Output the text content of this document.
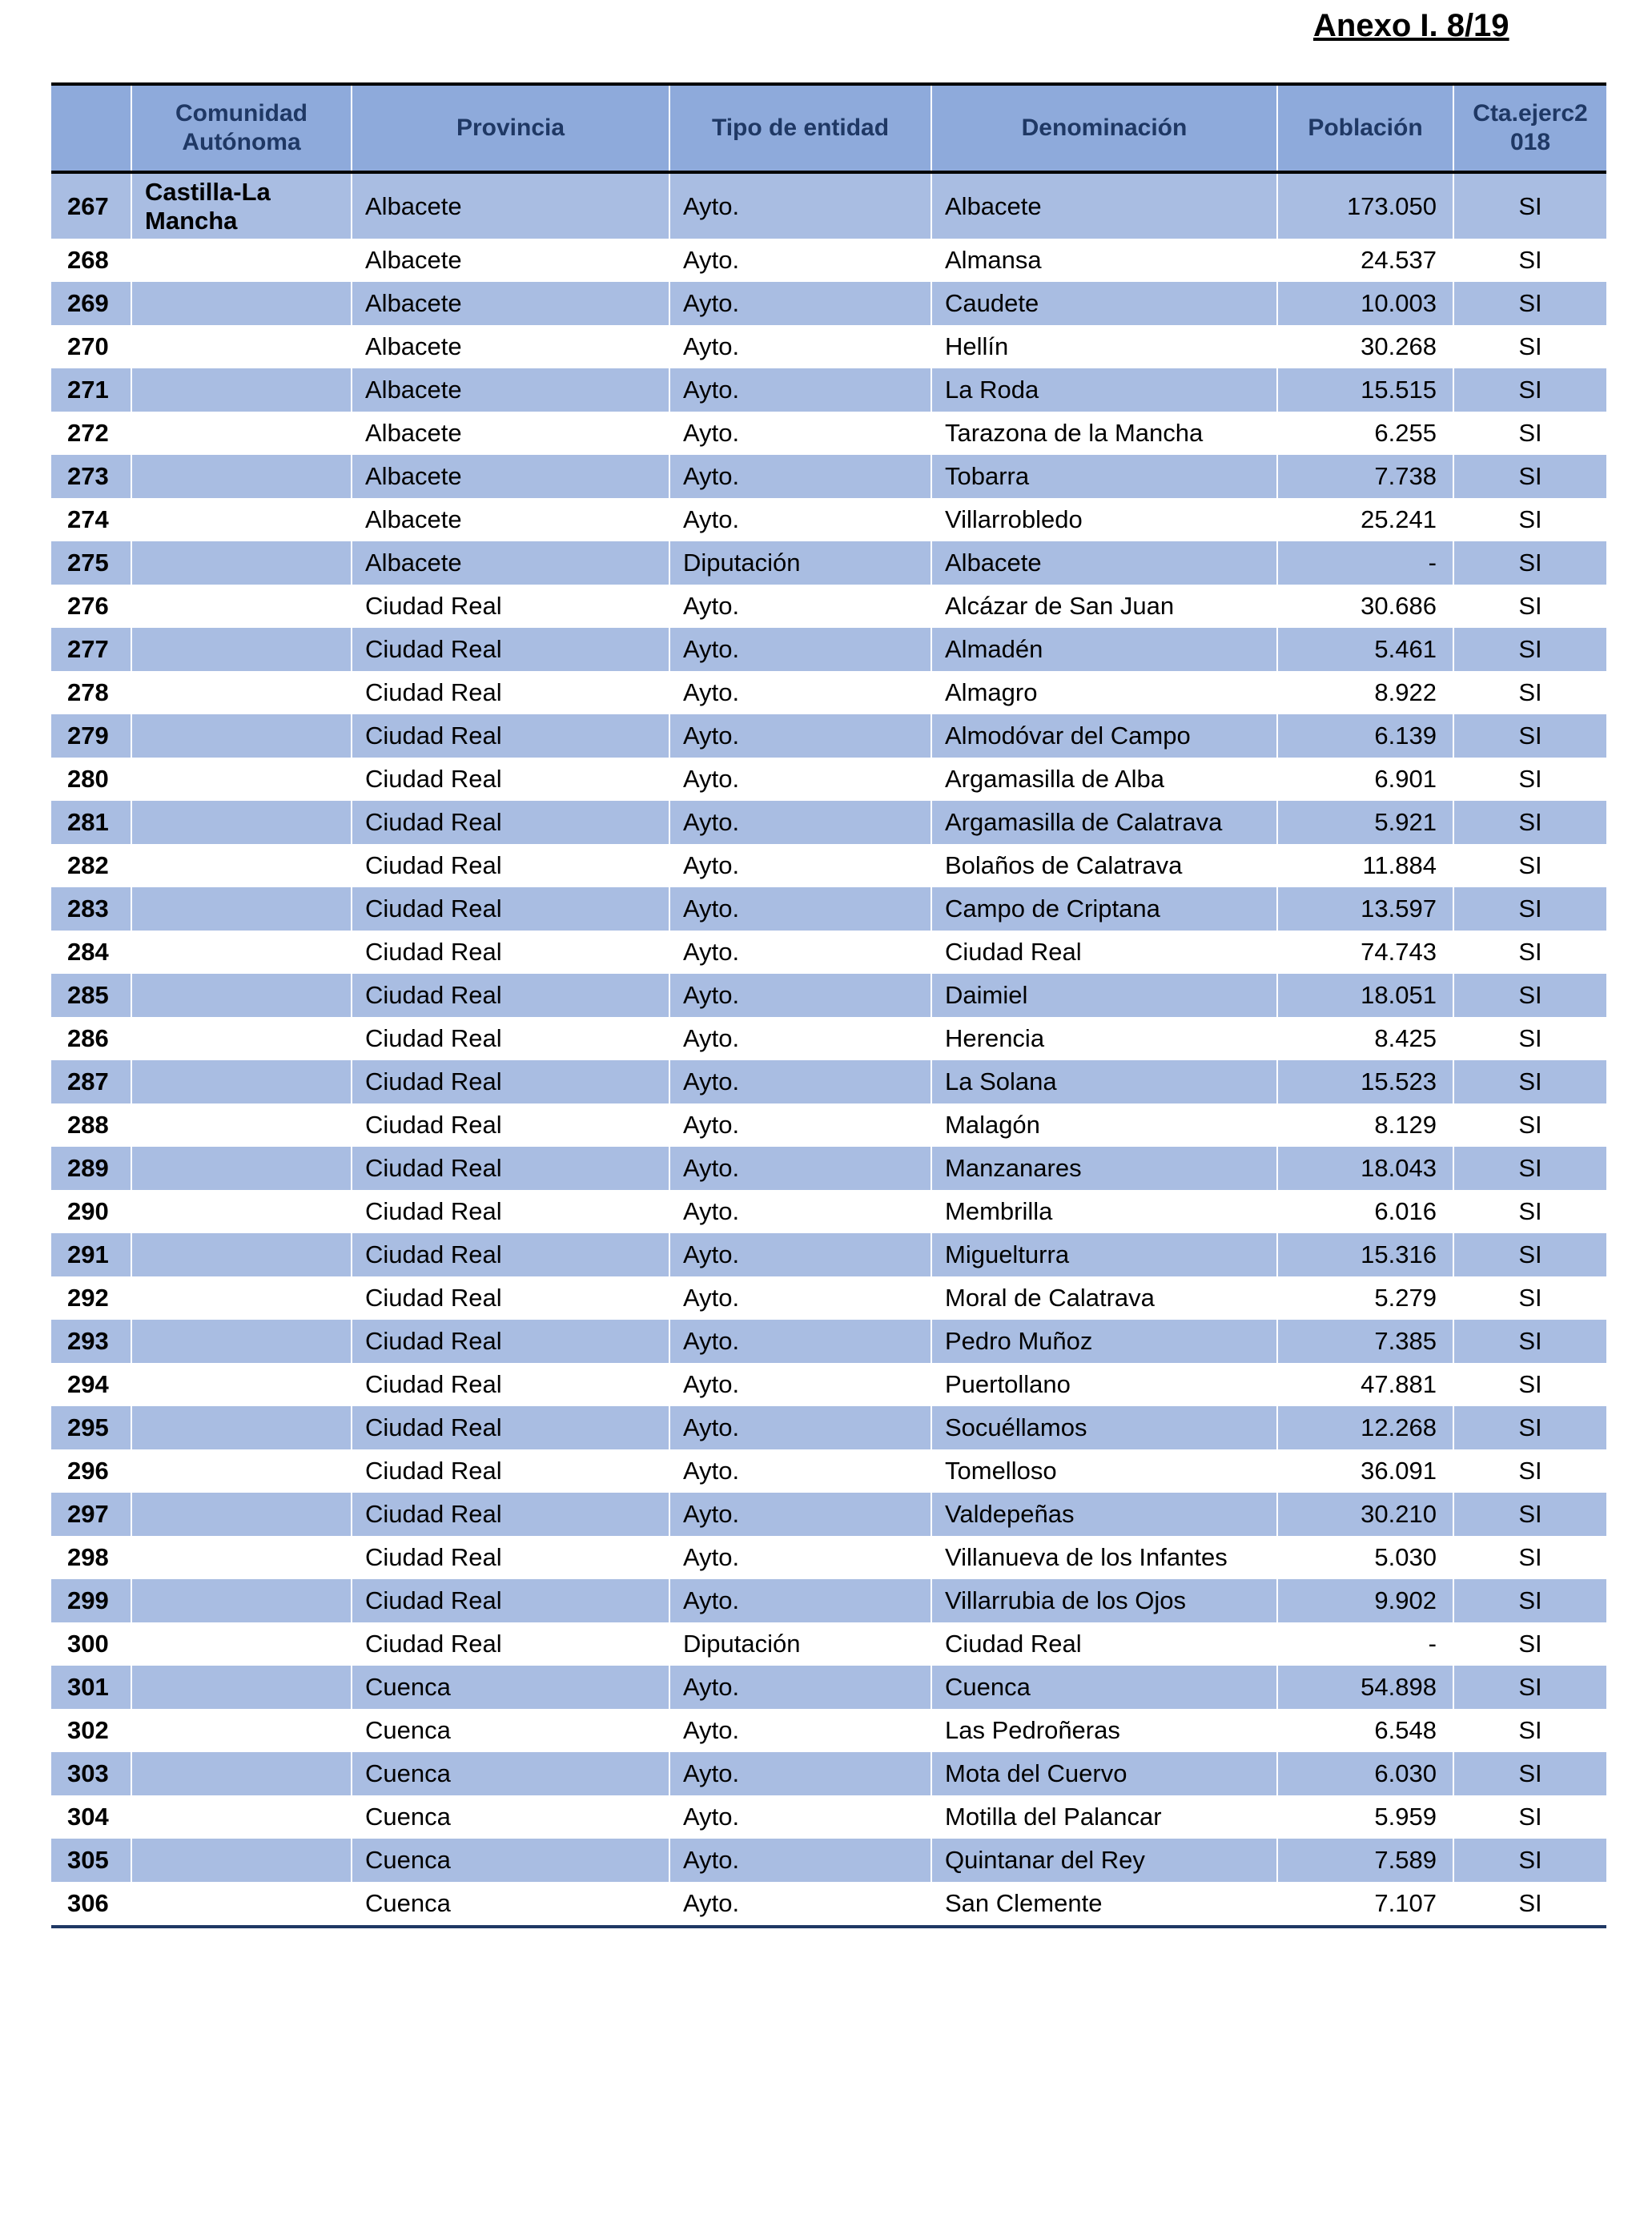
Anexo I. 8/19
	Comunidad Autónoma	Provincia	Tipo de entidad	Denominación	Población	Cta.ejerc2 018

267	Castilla-La Mancha	Albacete	Ayto.	Albacete	173.050	SI
268		Albacete	Ayto.	Almansa	24.537	SI
269		Albacete	Ayto.	Caudete	10.003	SI
270		Albacete	Ayto.	Hellín	30.268	SI
271		Albacete	Ayto.	La Roda	15.515	SI
272		Albacete	Ayto.	Tarazona de la Mancha	6.255	SI
273		Albacete	Ayto.	Tobarra	7.738	SI
274		Albacete	Ayto.	Villarrobledo	25.241	SI
275		Albacete	Diputación	Albacete	-	SI
276		Ciudad Real	Ayto.	Alcázar de San Juan	30.686	SI
277		Ciudad Real	Ayto.	Almadén	5.461	SI
278		Ciudad Real	Ayto.	Almagro	8.922	SI
279		Ciudad Real	Ayto.	Almodóvar del Campo	6.139	SI
280		Ciudad Real	Ayto.	Argamasilla de Alba	6.901	SI
281		Ciudad Real	Ayto.	Argamasilla de Calatrava	5.921	SI
282		Ciudad Real	Ayto.	Bolaños de Calatrava	11.884	SI
283		Ciudad Real	Ayto.	Campo de Criptana	13.597	SI
284		Ciudad Real	Ayto.	Ciudad Real	74.743	SI
285		Ciudad Real	Ayto.	Daimiel	18.051	SI
286		Ciudad Real	Ayto.	Herencia	8.425	SI
287		Ciudad Real	Ayto.	La Solana	15.523	SI
288		Ciudad Real	Ayto.	Malagón	8.129	SI
289		Ciudad Real	Ayto.	Manzanares	18.043	SI
290		Ciudad Real	Ayto.	Membrilla	6.016	SI
291		Ciudad Real	Ayto.	Miguelturra	15.316	SI
292		Ciudad Real	Ayto.	Moral de Calatrava	5.279	SI
293		Ciudad Real	Ayto.	Pedro Muñoz	7.385	SI
294		Ciudad Real	Ayto.	Puertollano	47.881	SI
295		Ciudad Real	Ayto.	Socuéllamos	12.268	SI
296		Ciudad Real	Ayto.	Tomelloso	36.091	SI
297		Ciudad Real	Ayto.	Valdepeñas	30.210	SI
298		Ciudad Real	Ayto.	Villanueva de los Infantes	5.030	SI
299		Ciudad Real	Ayto.	Villarrubia de los Ojos	9.902	SI
300		Ciudad Real	Diputación	Ciudad Real	-	SI
301		Cuenca	Ayto.	Cuenca	54.898	SI
302		Cuenca	Ayto.	Las Pedroñeras	6.548	SI
303		Cuenca	Ayto.	Mota del Cuervo	6.030	SI
304		Cuenca	Ayto.	Motilla del Palancar	5.959	SI
305		Cuenca	Ayto.	Quintanar del Rey	7.589	SI
306		Cuenca	Ayto.	San Clemente	7.107	SI
